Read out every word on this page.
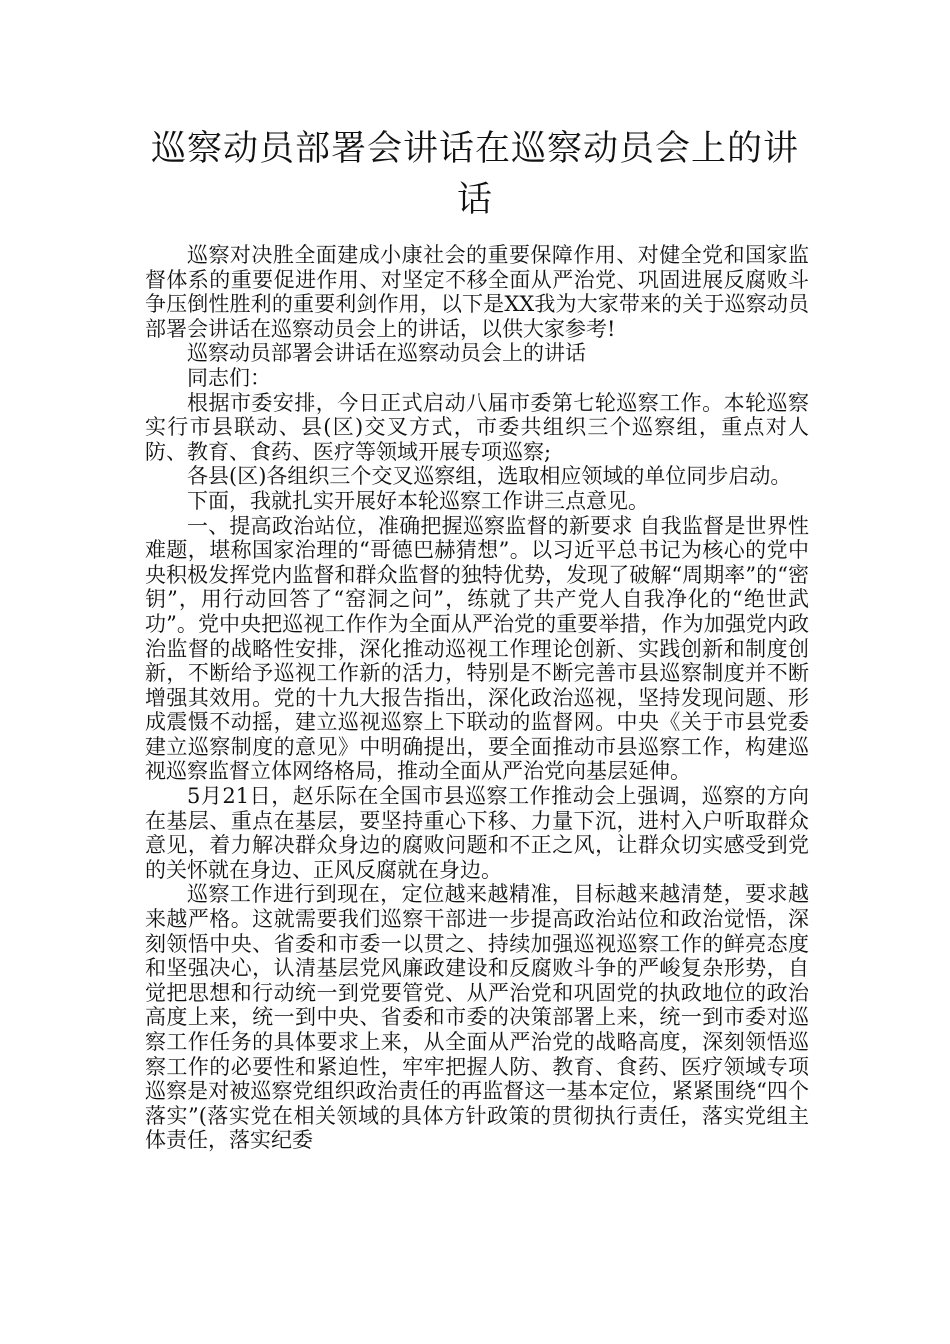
巡察动员部署会讲话在巡察动员会上的讲话

巡察对决胜全面建成小康社会的重要保障作用、对健全党和国家监督体系的重要促进作用、对坚定不移全面从严治党、巩固进展反腐败斗争压倒性胜利的重要利剑作用，以下是XX我为大家带来的关于巡察动员部署会讲话在巡察动员会上的讲话，以供大家参考!

巡察动员部署会讲话在巡察动员会上的讲话

同志们：

根据市委安排，今日正式启动八届市委第七轮巡察工作。本轮巡察实行市县联动、县(区)交叉方式，市委共组织三个巡察组，重点对人防、教育、食药、医疗等领域开展专项巡察;

各县(区)各组织三个交叉巡察组，选取相应领域的单位同步启动。

下面，我就扎实开展好本轮巡察工作讲三点意见。

一、提高政治站位，准确把握巡察监督的新要求 自我监督是世界性难题，堪称国家治理的“哥德巴赫猜想”。以习近平总书记为核心的党中央积极发挥党内监督和群众监督的独特优势，发现了破解“周期率”的“密钥”，用行动回答了“窑洞之问”，练就了共产党人自我净化的“绝世武功”。党中央把巡视工作作为全面从严治党的重要举措，作为加强党内政治监督的战略性安排，深化推动巡视工作理论创新、实践创新和制度创新，不断给予巡视工作新的活力，特别是不断完善市县巡察制度并不断增强其效用。党的十九大报告指出，深化政治巡视，坚持发现问题、形成震慑不动摇，建立巡视巡察上下联动的监督网。中央《关于市县党委建立巡察制度的意见》中明确提出，要全面推动市县巡察工作，构建巡视巡察监督立体网络格局，推动全面从严治党向基层延伸。

5月21日，赵乐际在全国市县巡察工作推动会上强调，巡察的方向在基层、重点在基层，要坚持重心下移、力量下沉，进村入户听取群众意见，着力解决群众身边的腐败问题和不正之风，让群众切实感受到党的关怀就在身边、正风反腐就在身边。

巡察工作进行到现在，定位越来越精准，目标越来越清楚，要求越来越严格。这就需要我们巡察干部进一步提高政治站位和政治觉悟，深刻领悟中央、省委和市委一以贯之、持续加强巡视巡察工作的鲜亮态度和坚强决心，认清基层党风廉政建设和反腐败斗争的严峻复杂形势，自觉把思想和行动统一到党要管党、从严治党和巩固党的执政地位的政治高度上来，统一到中央、省委和市委的决策部署上来，统一到市委对巡察工作任务的具体要求上来，从全面从严治党的战略高度，深刻领悟巡察工作的必要性和紧迫性，牢牢把握人防、教育、食药、医疗领域专项巡察是对被巡察党组织政治责任的再监督这一基本定位，紧紧围绕“四个落实”(落实党在相关领域的具体方针政策的贯彻执行责任，落实党组主体责任，落实纪委
